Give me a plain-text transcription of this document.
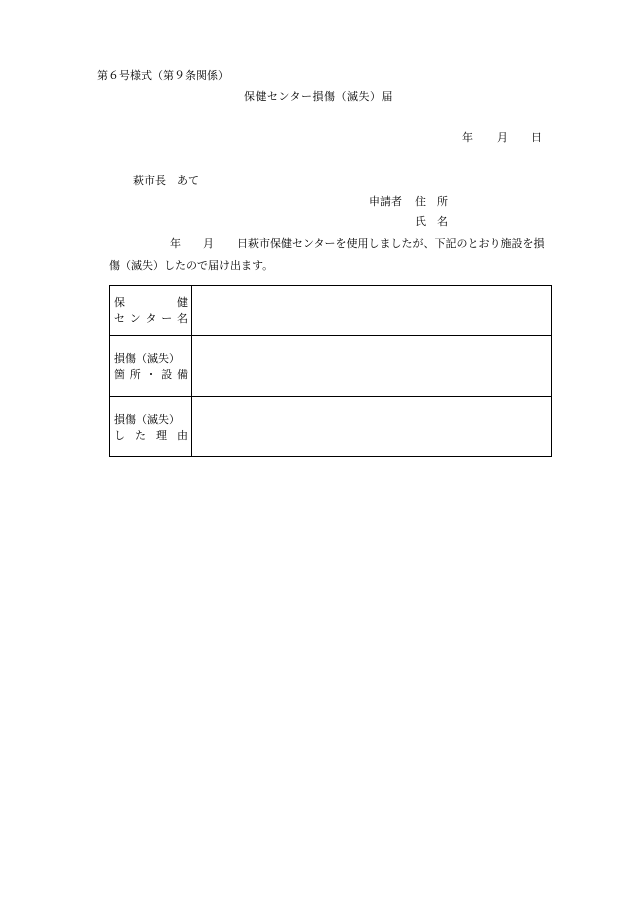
第６号様式（第９条関係）
保健センター損傷（滅失）届
年 月 日
萩市長　あて
申請者 住　所
氏　名
年 月 日萩市保健センターを使用しましたが、下記のとおり施設を損
傷（滅失）したので届け出ます。
保	健
セ ン タ ー 名
損傷（滅失）
箇 所 ・ 設 備
損傷（滅失）
し た 理 由
